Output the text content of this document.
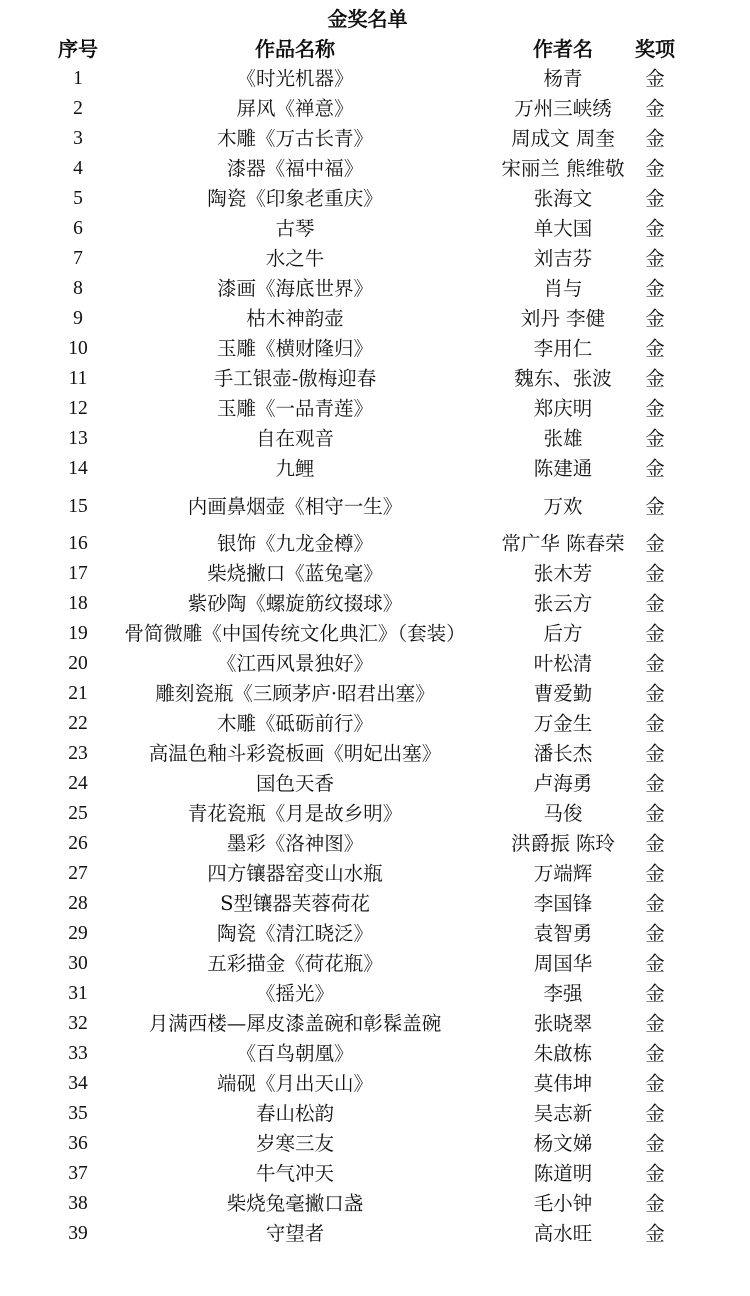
金奖名单
序号	作品名称	作者名	奖项
1	《时光机器》	杨青	金
2	屏风《禅意》	万州三峡绣	金
3	木雕《万古长青》	周成文 周奎	金
4	漆器《福中福》	宋丽兰 熊维敬	金
5	陶瓷《印象老重庆》	张海文	金
6	古琴	单大国	金
7	水之牛	刘吉芬	金
8	漆画《海底世界》	肖与	金
9	枯木神韵壶	刘丹 李健	金
10	玉雕《横财隆归》	李用仁	金
11	手工银壶-傲梅迎春	魏东、张波	金
12	玉雕《一品青莲》	郑庆明	金
13	自在观音	张雄	金
14	九鲤	陈建通	金
15	内画鼻烟壶《相守一生》	万欢	金
16	银饰《九龙金樽》	常广华 陈春荣	金
17	柴烧撇口《蓝兔毫》	张木芳	金
18	紫砂陶《螺旋筋纹掇球》	张云方	金
19	骨简微雕《中国传统文化典汇》（套装）	后方	金
20	《江西风景独好》	叶松清	金
21	雕刻瓷瓶《三顾茅庐·昭君出塞》	曹爱勤	金
22	木雕《砥砺前行》	万金生	金
23	高温色釉斗彩瓷板画《明妃出塞》	潘长杰	金
24	国色天香	卢海勇	金
25	青花瓷瓶《月是故乡明》	马俊	金
26	墨彩《洛神图》	洪爵振 陈玲	金
27	四方镶器窑变山水瓶	万端辉	金
28	S型镶器芙蓉荷花	李国锋	金
29	陶瓷《清江晓泛》	袁智勇	金
30	五彩描金《荷花瓶》	周国华	金
31	《摇光》	李强	金
32	月满西楼—犀皮漆盖碗和彰髹盖碗	张晓翠	金
33	《百鸟朝凰》	朱啟栋	金
34	端砚《月出天山》	莫伟坤	金
35	春山松韵	吴志新	金
36	岁寒三友	杨文娣	金
37	牛气冲天	陈道明	金
38	柴烧兔毫撇口盏	毛小钟	金
39	守望者	高水旺	金
